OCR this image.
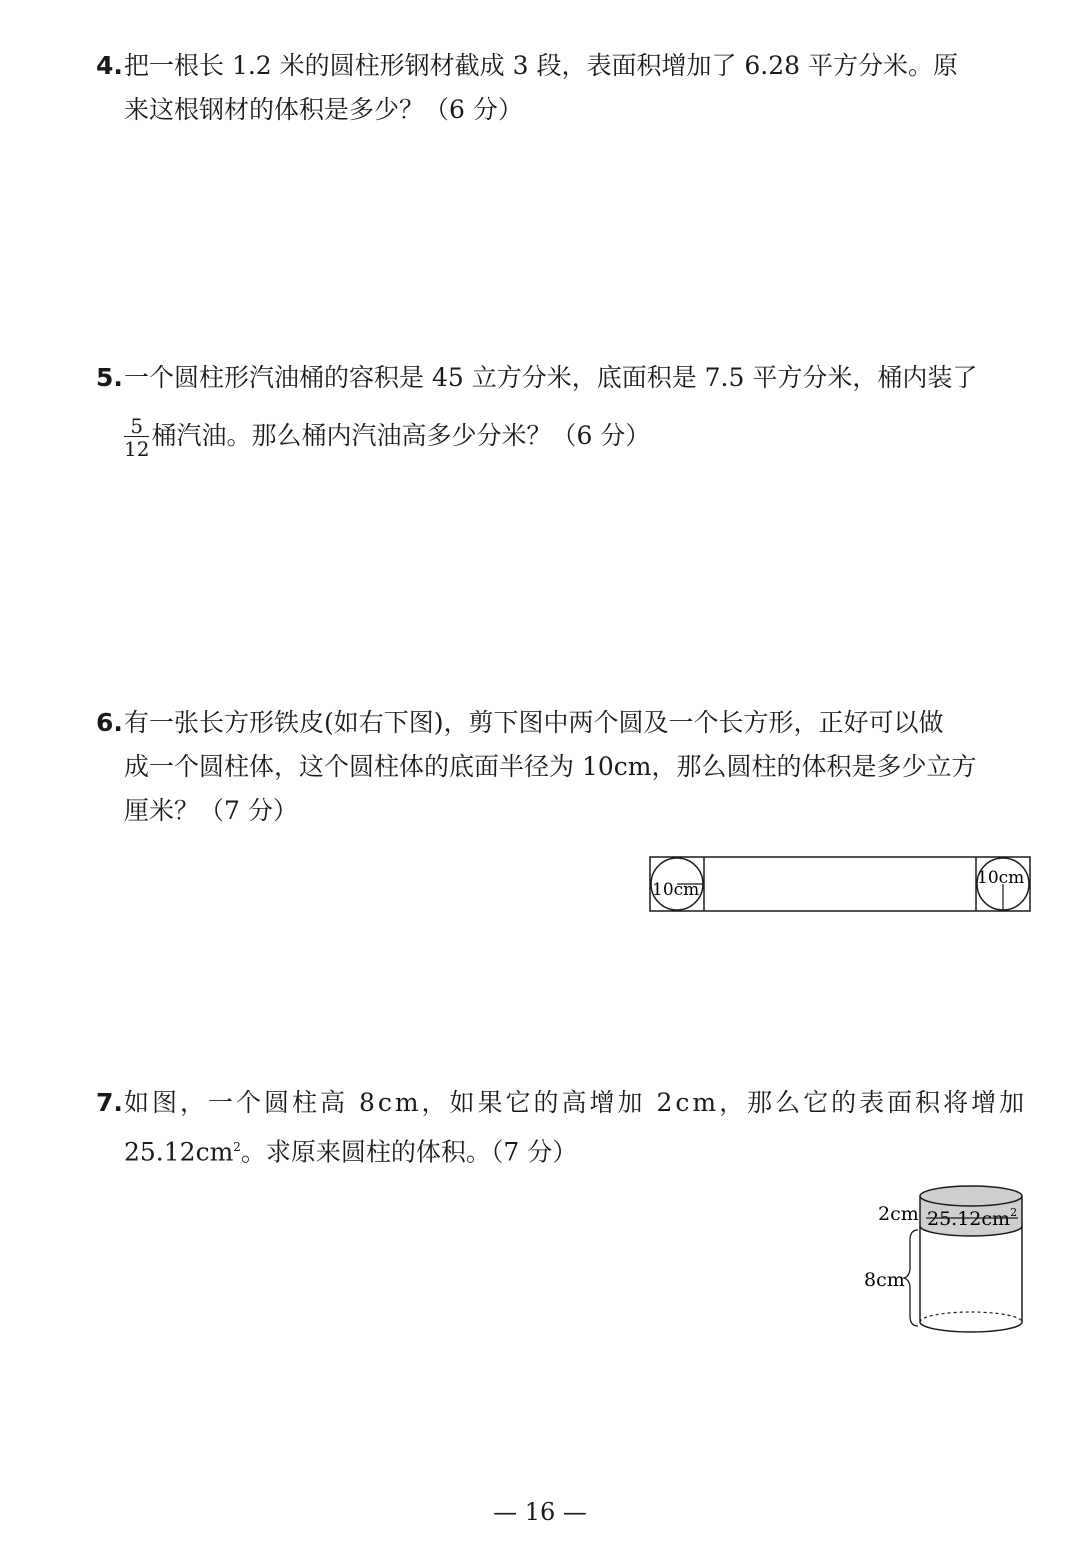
4.把一根长 1.2 米的圆柱形钢材截成 3 段，表面积增加了 6.28 平方分米。原
来这根钢材的体积是多少？（6 分）
5.一个圆柱形汽油桶的容积是 45 立方分米，底面积是 7.5 平方分米，桶内装了
$\frac{5}{12}$ 桶汽油。那么桶内汽油高多少分米？（6 分）
6.有一张长方形铁皮(如右下图)，剪下图中两个圆及一个长方形，正好可以做
成一个圆柱体，这个圆柱体的底面半径为 10cm，那么圆柱的体积是多少立方
厘米？（7 分）
10cm
10cm
7.如图，一个圆柱高 8cm，如果它的高增加 2cm，那么它的表面积将增加
$25.12cm^2$。求原来圆柱的体积。（7 分）
2cm
8cm
$25.12cm^2$
— 16 —
